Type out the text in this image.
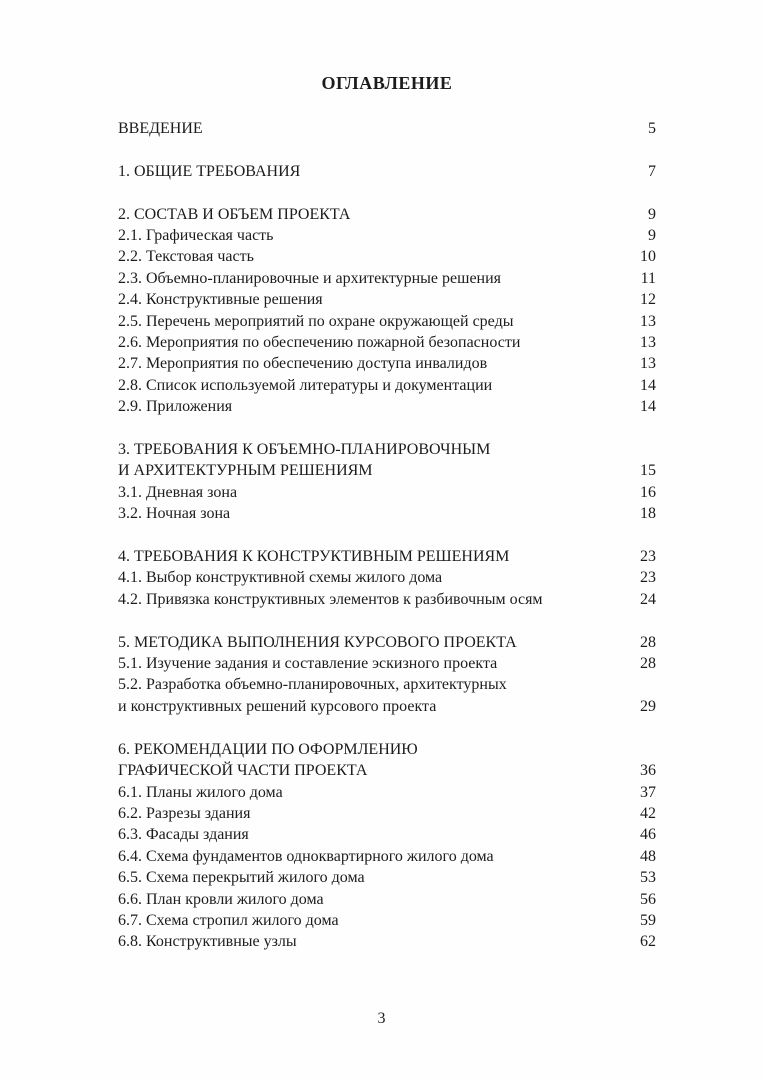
ОГЛАВЛЕНИЕ
ВВЕДЕНИЕ	5
1. ОБЩИЕ ТРЕБОВАНИЯ	7
2. СОСТАВ И ОБЪЕМ ПРОЕКТА	9
2.1. Графическая часть	9
2.2. Текстовая часть	10
2.3. Объемно-планировочные и архитектурные решения	11
2.4. Конструктивные решения	12
2.5. Перечень мероприятий по охране окружающей среды	13
2.6. Мероприятия по обеспечению пожарной безопасности	13
2.7. Мероприятия по обеспечению доступа инвалидов	13
2.8. Список используемой литературы и документации	14
2.9. Приложения	14
3. ТРЕБОВАНИЯ К ОБЪЕМНО-ПЛАНИРОВОЧНЫМ
И АРХИТЕКТУРНЫМ РЕШЕНИЯМ	15
3.1. Дневная зона	16
3.2. Ночная зона	18
4. ТРЕБОВАНИЯ К КОНСТРУКТИВНЫМ РЕШЕНИЯМ	23
4.1. Выбор конструктивной схемы жилого дома	23
4.2. Привязка конструктивных элементов к разбивочным осям	24
5. МЕТОДИКА ВЫПОЛНЕНИЯ КУРСОВОГО ПРОЕКТА	28
5.1. Изучение задания и составление эскизного проекта	28
5.2. Разработка объемно-планировочных, архитектурных
и конструктивных решений курсового проекта	29
6. РЕКОМЕНДАЦИИ ПО ОФОРМЛЕНИЮ
ГРАФИЧЕСКОЙ ЧАСТИ ПРОЕКТА	36
6.1. Планы жилого дома	37
6.2. Разрезы здания	42
6.3. Фасады здания	46
6.4. Схема фундаментов одноквартирного жилого дома	48
6.5. Схема перекрытий жилого дома	53
6.6. План кровли жилого дома	56
6.7. Схема стропил жилого дома	59
6.8. Конструктивные узлы	62
3
